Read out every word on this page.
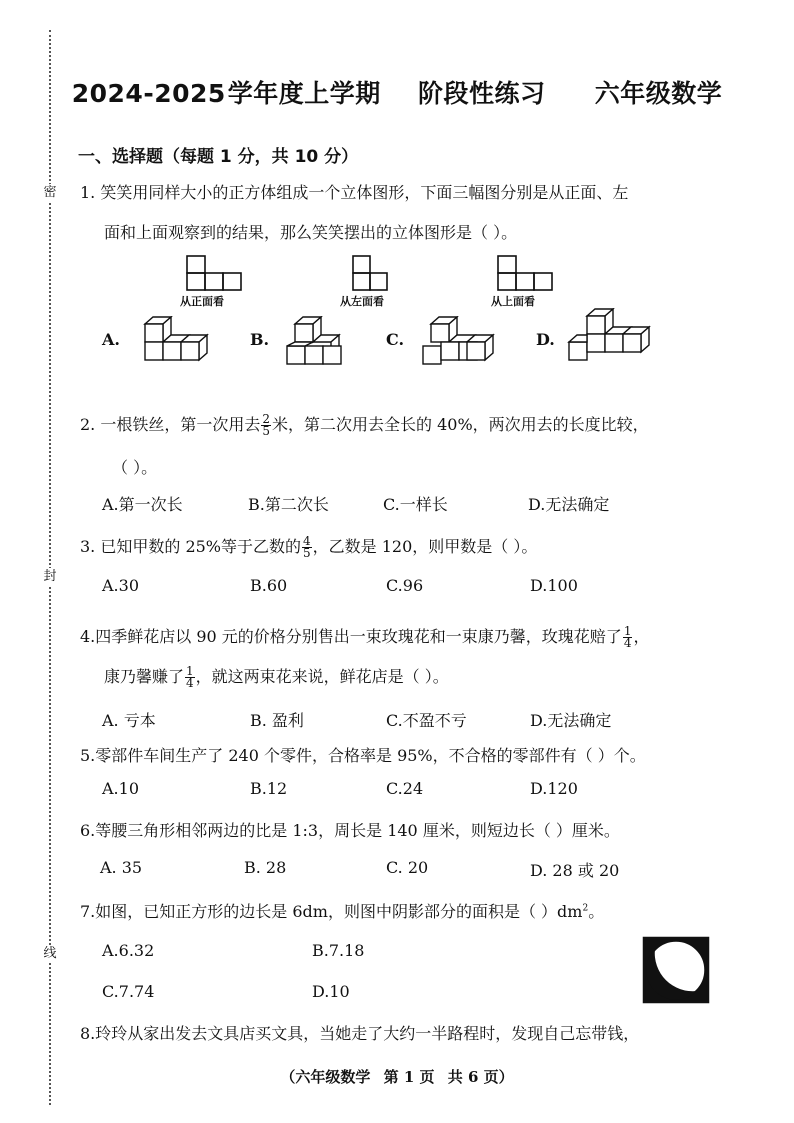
密
封
线
2024-2025学年度上学期 阶段性练习 六年级数学
一、选择题（每题 1 分，共 10 分）
1. 笑笑用同样大小的正方体组成一个立体图形，下面三幅图分别是从正面、左
面和上面观察到的结果，那么笑笑摆出的立体图形是（ ）。
从正面看	从左面看	从上面看
A.	B.	C.	D.
2. 一根铁丝，第一次用去 $\frac{2}{5}$ 米，第二次用去全长的 40%，两次用去的长度比较，
（ ）。
A.第一次长	B.第二次长	C.一样长	D.无法确定
3. 已知甲数的 25%等于乙数的 $\frac{4}{5}$ ，乙数是 120，则甲数是（ ）。
A.30	B.60	C.96	D.100
4.四季鲜花店以 90 元的价格分别售出一束玫瑰花和一束康乃馨，玫瑰花赔了 $\frac{1}{4}$ ，
康乃馨赚了 $\frac{1}{4}$ ，就这两束花来说，鲜花店是（ ）。
A. 亏本	B. 盈利	C.不盈不亏	D.无法确定
5.零部件车间生产了 240 个零件，合格率是 95%，不合格的零部件有（ ）个。
A.10	B.12	C.24	D.120
6.等腰三角形相邻两边的比是 1:3，周长是 140 厘米，则短边长（ ）厘米。
A. 35	B. 28	C. 20	D. 28 或 20
7.如图，已知正方形的边长是 6dm，则图中阴影部分的面积是（ ）$dm^2$。
A.6.32	B.7.18
C.7.74	D.10
8.玲玲从家出发去文具店买文具，当她走了大约一半路程时，发现自己忘带钱，
（六年级数学 第 1 页 共 6 页）
